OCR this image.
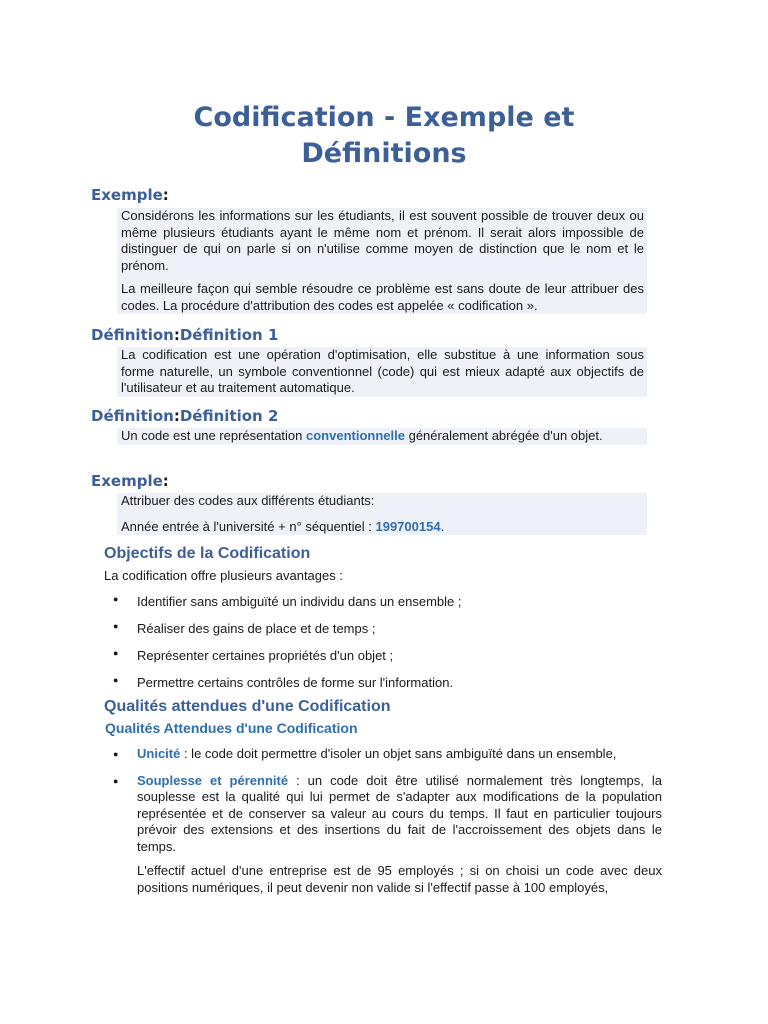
Codification - Exemple et
Définitions
Exemple:

Considérons les informations sur les étudiants, il est souvent possible de trouver deux ou même plusieurs étudiants ayant le même nom et prénom. Il serait alors impossible de distinguer de qui on parle si on n'utilise comme moyen de distinction que le nom et le prénom.

La meilleure façon qui semble résoudre ce problème est sans doute de leur attribuer des codes. La procédure d'attribution des codes est appelée « codification ».

Définition:Définition 1

La codification est une opération d'optimisation, elle substitue à une information sous forme naturelle, un symbole conventionnel (code) qui est mieux adapté aux objectifs de l'utilisateur et au traitement automatique.

Définition:Définition 2

Un code est une représentation conventionnelle généralement abrégée d'un objet.

Exemple:

Attribuer des codes aux différents étudiants:

Année entrée à l'université + n° séquentiel : 199700154.

Objectifs de la Codification

La codification offre plusieurs avantages :

● Identifier sans ambiguïté un individu dans un ensemble ;
● Réaliser des gains de place et de temps ;
● Représenter certaines propriétés d'un objet ;
● Permettre certains contrôles de forme sur l'information.
Qualités attendues d'une Codification
Qualités Attendues d'une Codification
● Unicité : le code doit permettre d'isoler un objet sans ambiguïté dans un ensemble,
● Souplesse et pérennité : un code doit être utilisé normalement très longtemps, la souplesse est la qualité qui lui permet de s'adapter aux modifications de la population représentée et de conserver sa valeur au cours du temps. Il faut en particulier toujours prévoir des extensions et des insertions du fait de l'accroissement des objets dans le temps.

L'effectif actuel d'une entreprise est de 95 employés ; si on choisi un code avec deux positions numériques, il peut devenir non valide si l'effectif passe à 100 employés,
